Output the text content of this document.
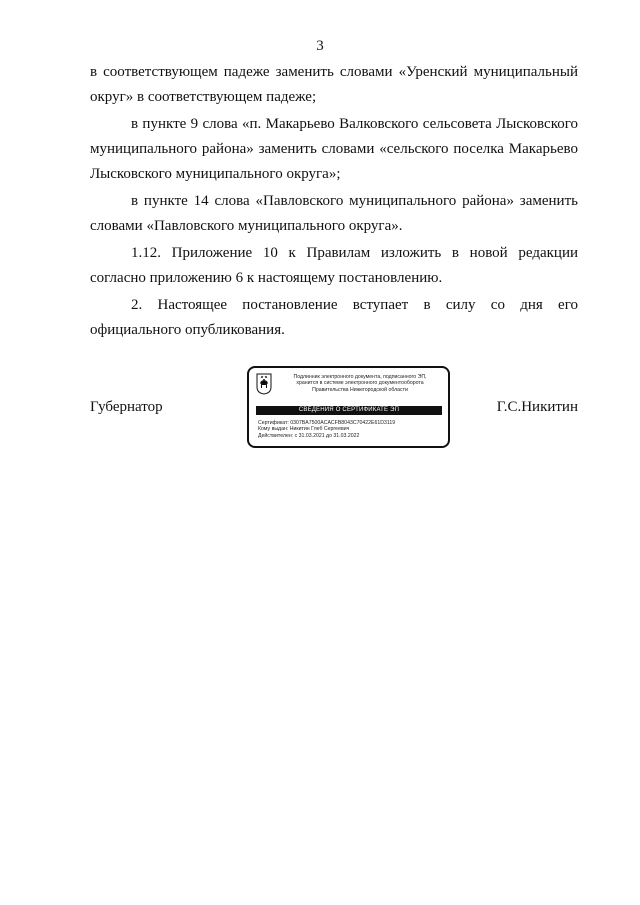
3

в соответствующем падеже заменить словами «Уренский муниципальный округ» в соответствующем падеже;

в пункте 9 слова «п. Макарьево Валковского сельсовета Лысковского муниципального района» заменить словами «сельского поселка Макарьево Лысковского муниципального округа»;

в пункте 14 слова «Павловского муниципального района» заменить словами «Павловского муниципального округа».

1.12. Приложение 10 к Правилам изложить в новой редакции согласно приложению 6 к настоящему постановлению.

2. Настоящее постановление вступает в силу со дня его официального опубликования.

Губернатор
Подлинник электронного документа, подписанного ЭП,
хранится в системе электронного документооборота
Правительства Нижегородской области
СВЕДЕНИЯ О СЕРТИФИКАТЕ ЭП
Сертификат: 0307BA7500ACACFB8043C70422E61D3119
Кому выдан: Никитин Глеб Сергеевич
Действителен: с 31.03.2021 до 31.03.2022
Г.С.Никитин
